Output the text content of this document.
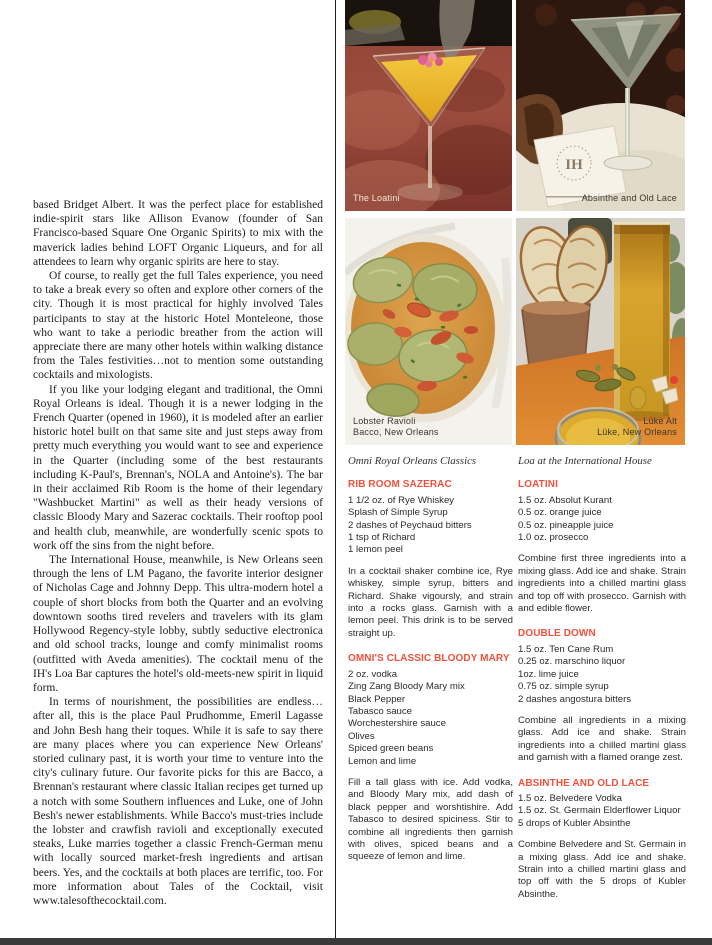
based Bridget Albert. It was the perfect place for established indie-spirit stars like Allison Evanow (founder of San Francisco-based Square One Organic Spirits) to mix with the maverick ladies behind LOFT Organic Liqueurs, and for all attendees to learn why organic spirits are here to stay.

Of course, to really get the full Tales experience, you need to take a break every so often and explore other corners of the city. Though it is most practical for highly involved Tales participants to stay at the historic Hotel Monteleone, those who want to take a periodic breather from the action will appreciate there are many other hotels within walking distance from the Tales festivities…not to mention some outstanding cocktails and mixologists.

If you like your lodging elegant and traditional, the Omni Royal Orleans is ideal. Though it is a newer lodging in the French Quarter (opened in 1960), it is modeled after an earlier historic hotel built on that same site and just steps away from pretty much everything you would want to see and experience in the Quarter (including some of the best restaurants including K-Paul's, Brennan's, NOLA and Antoine's). The bar in their acclaimed Rib Room is the home of their legendary "Washbucket Martini" as well as their heady versions of classic Bloody Mary and Sazerac cocktails. Their rooftop pool and health club, meanwhile, are wonderfully scenic spots to work off the sins from the night before.

The International House, meanwhile, is New Orleans seen through the lens of LM Pagano, the favorite interior designer of Nicholas Cage and Johnny Depp. This ultra-modern hotel a couple of short blocks from both the Quarter and an evolving downtown sooths tired revelers and travelers with its glam Hollywood Regency-style lobby, subtly seductive electronica and old school tracks, lounge and comfy minimalist rooms (outfitted with Aveda amenities). The cocktail menu of the IH's Loa Bar captures the hotel's old-meets-new spirit in liquid form.

In terms of nourishment, the possibilities are endless…after all, this is the place Paul Prudhomme, Emeril Lagasse and John Besh hang their toques. While it is safe to say there are many places where you can experience New Orleans' storied culinary past, it is worth your time to venture into the city's culinary future. Our favorite picks for this are Bacco, a Brennan's restaurant where classic Italian recipes get turned up a notch with some Southern influences and Luke, one of John Besh's newer establishments. While Bacco's must-tries include the lobster and crawfish ravioli and exceptionally executed steaks, Luke marries together a classic French-German menu with locally sourced market-fresh ingredients and artisan beers. Yes, and the cocktails at both places are terrific, too. For more information about Tales of the Cocktail, visit www.talesofthecocktail.com.

The Loatini
IH
Absinthe and Old Lace
Lobster Ravioli
Bacco, New Orleans
Lüke Alt
Lüke, New Orleans
Omni Royal Orleans Classics
RIB ROOM SAZERAC
1 1/2 oz. of Rye Whiskey
Splash of Simple Syrup
2 dashes of Peychaud bitters
1 tsp of Richard
1 lemon peel

In a cocktail shaker combine ice, Rye whiskey, simple syrup, bitters and Richard. Shake vigoursly, and strain into a rocks glass. Garnish with a lemon peel. This drink is to be served straight up.

OMNI'S CLASSIC BLOODY MARY
2 oz. vodka
Zing Zang Bloody Mary mix
Black Pepper
Tabasco sauce
Worchestershire sauce
Olives
Spiced green beans
Lemon and lime

Fill a tall glass with ice. Add vodka, and Bloody Mary mix, add dash of black pepper and worshtishire. Add Tabasco to desired spiciness. Stir to combine all ingredients then garnish with olives, spiced beans and a squeeze of lemon and lime.

Loa at the International House
LOATINI
1.5 oz. Absolut Kurant
0.5 oz. orange juice
0.5 oz. pineapple juice
1.0 oz. prosecco

Combine first three ingredients into a mixing glass. Add ice and shake. Strain ingredients into a chilled martini glass and top off with prosecco. Garnish with and edible flower.

DOUBLE DOWN
1.5 oz. Ten Cane Rum
0.25 oz. marschino liquor
1oz. lime juice
0.75 oz. simple syrup
2 dashes angostura bitters

Combine all ingredients in a mixing glass. Add ice and shake. Strain ingredients into a chilled martini glass and garnish with a flamed orange zest.

ABSINTHE AND OLD LACE
1.5 oz. Belvedere Vodka
1.5 oz. St. Germain Elderflower Liquor
5 drops of Kubler Absinthe

Combine Belvedere and St. Germain in a mixing glass. Add ice and shake. Strain into a chilled martini glass and top off with the 5 drops of Kubler Absinthe.
